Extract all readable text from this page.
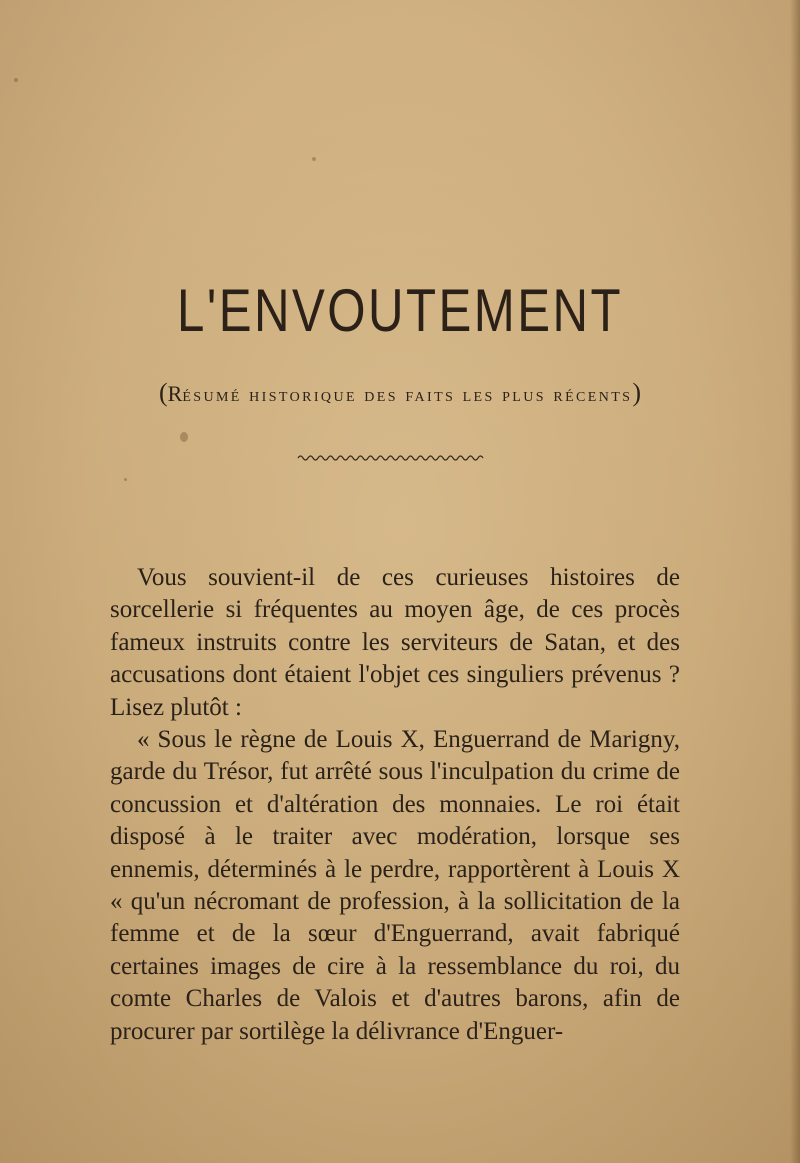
L'ENVOUTEMENT
(Résumé historique des faits les plus récents)

Vous souvient-il de ces curieuses histoires de sorcellerie si fréquentes au moyen âge, de ces procès fameux instruits contre les serviteurs de Satan, et des accusations dont étaient l'objet ces singuliers prévenus ? Lisez plutôt :

« Sous le règne de Louis X, Enguerrand de Marigny, garde du Trésor, fut arrêté sous l'inculpation du crime de concussion et d'altération des monnaies. Le roi était disposé à le traiter avec modération, lorsque ses ennemis, déterminés à le perdre, rapportèrent à Louis X « qu'un nécromant de profession, à la sollicitation de la femme et de la sœur d'Enguerrand, avait fabriqué certaines images de cire à la ressemblance du roi, du comte Charles de Valois et d'autres barons, afin de procurer par sortilège la délivrance d'Enguer-
